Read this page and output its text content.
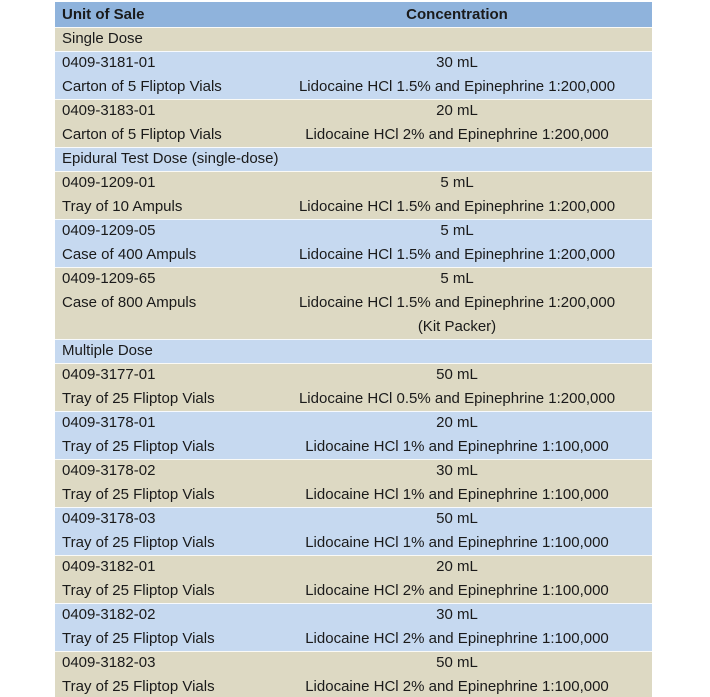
Unit of Sale	Concentration
Single Dose
0409-3181-01
Carton of 5 Fliptop Vials
30 mL
Lidocaine HCl 1.5% and Epinephrine 1:200,000
0409-3183-01
Carton of 5 Fliptop Vials
20 mL
Lidocaine HCl 2% and Epinephrine 1:200,000
Epidural Test Dose (single-dose)
0409-1209-01
Tray of 10 Ampuls
5 mL
Lidocaine HCl 1.5% and Epinephrine 1:200,000
0409-1209-05
Case of 400 Ampuls
5 mL
Lidocaine HCl 1.5% and Epinephrine 1:200,000
0409-1209-65
Case of 800 Ampuls
5 mL
Lidocaine HCl 1.5% and Epinephrine 1:200,000
(Kit Packer)
Multiple Dose
0409-3177-01
Tray of 25 Fliptop Vials
50 mL
Lidocaine HCl 0.5% and Epinephrine 1:200,000
0409-3178-01
Tray of 25 Fliptop Vials
20 mL
Lidocaine HCl 1% and Epinephrine 1:100,000
0409-3178-02
Tray of 25 Fliptop Vials
30 mL
Lidocaine HCl 1% and Epinephrine 1:100,000
0409-3178-03
Tray of 25 Fliptop Vials
50 mL
Lidocaine HCl 1% and Epinephrine 1:100,000
0409-3182-01
Tray of 25 Fliptop Vials
20 mL
Lidocaine HCl 2% and Epinephrine 1:100,000
0409-3182-02
Tray of 25 Fliptop Vials
30 mL
Lidocaine HCl 2% and Epinephrine 1:100,000
0409-3182-03
Tray of 25 Fliptop Vials
50 mL
Lidocaine HCl 2% and Epinephrine 1:100,000
